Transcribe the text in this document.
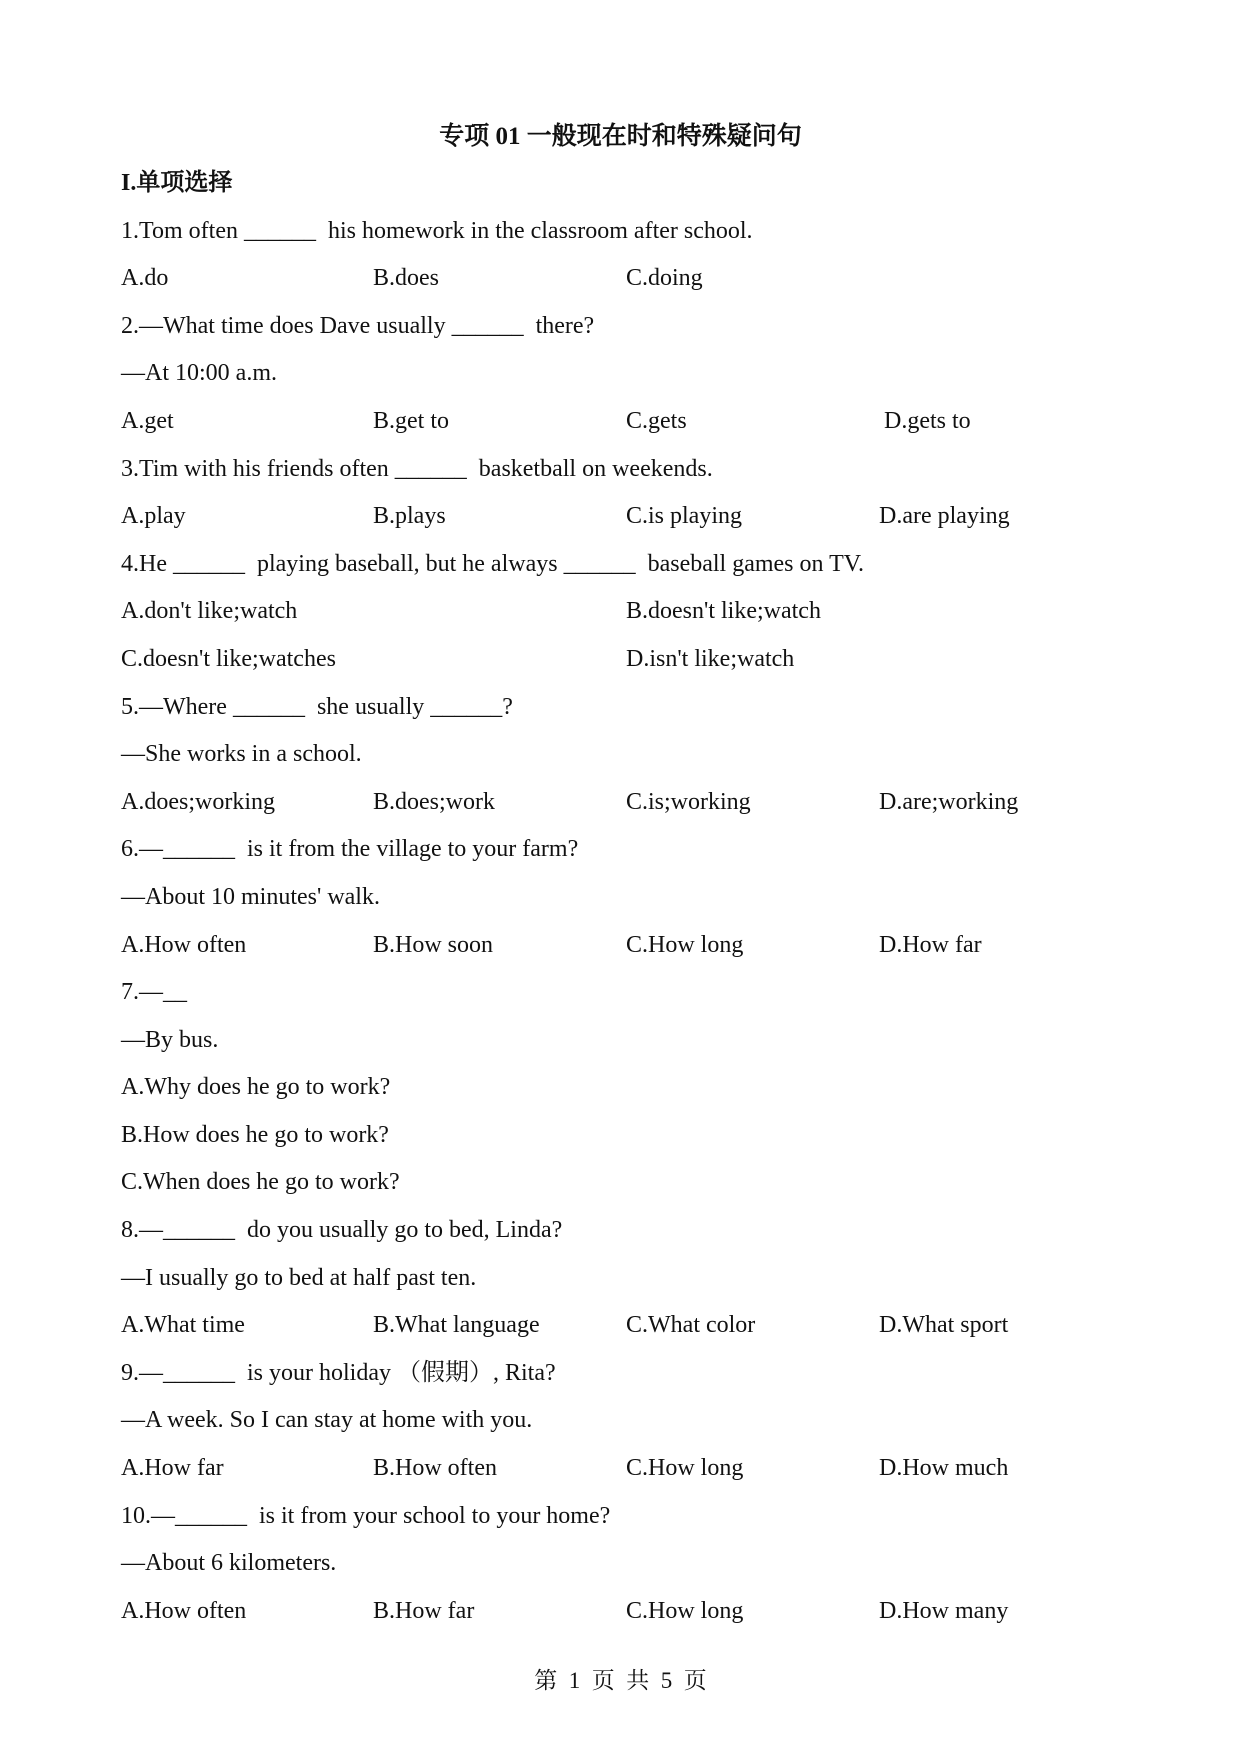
专项 01 一般现在时和特殊疑问句
I.单项选择
1.Tom often ______  his homework in the classroom after school.

A.do

	B.does

	C.doing

2.—What time does Dave usually ______  there?
—At 10:00 a.m.

A.get

	B.get to

	C.gets

	D.gets to

3.Tim with his friends often ______  basketball on weekends.

A.play

	B.plays

	C.is playing

	D.are playing

4.He ______  playing baseball, but he always ______  baseball games on TV.

A.don't like;watch

	B.doesn't like;watch

C.doesn't like;watches

	D.isn't like;watch

5.—Where ______  she usually ______?
—She works in a school.

A.does;working

	B.does;work

	C.is;working

	D.are;working

6.—______  is it from the village to your farm?
—About 10 minutes' walk.

A.How often

	B.How soon

	C.How long

	D.How far

7.—__
—By bus.
A.Why does he go to work?
B.How does he go to work?
C.When does he go to work?
8.—______  do you usually go to bed, Linda?
—I usually go to bed at half past ten.

A.What time

	B.What language

	C.What color

	D.What sport

9.—______  is your holiday （假期）, Rita?
—A week. So I can stay at home with you.

A.How far

	B.How often

	C.How long

	D.How much

10.—______  is it from your school to your home?
—About 6 kilometers.

A.How often

	B.How far

	C.How long

	D.How many

第  1  页  共  5  页
